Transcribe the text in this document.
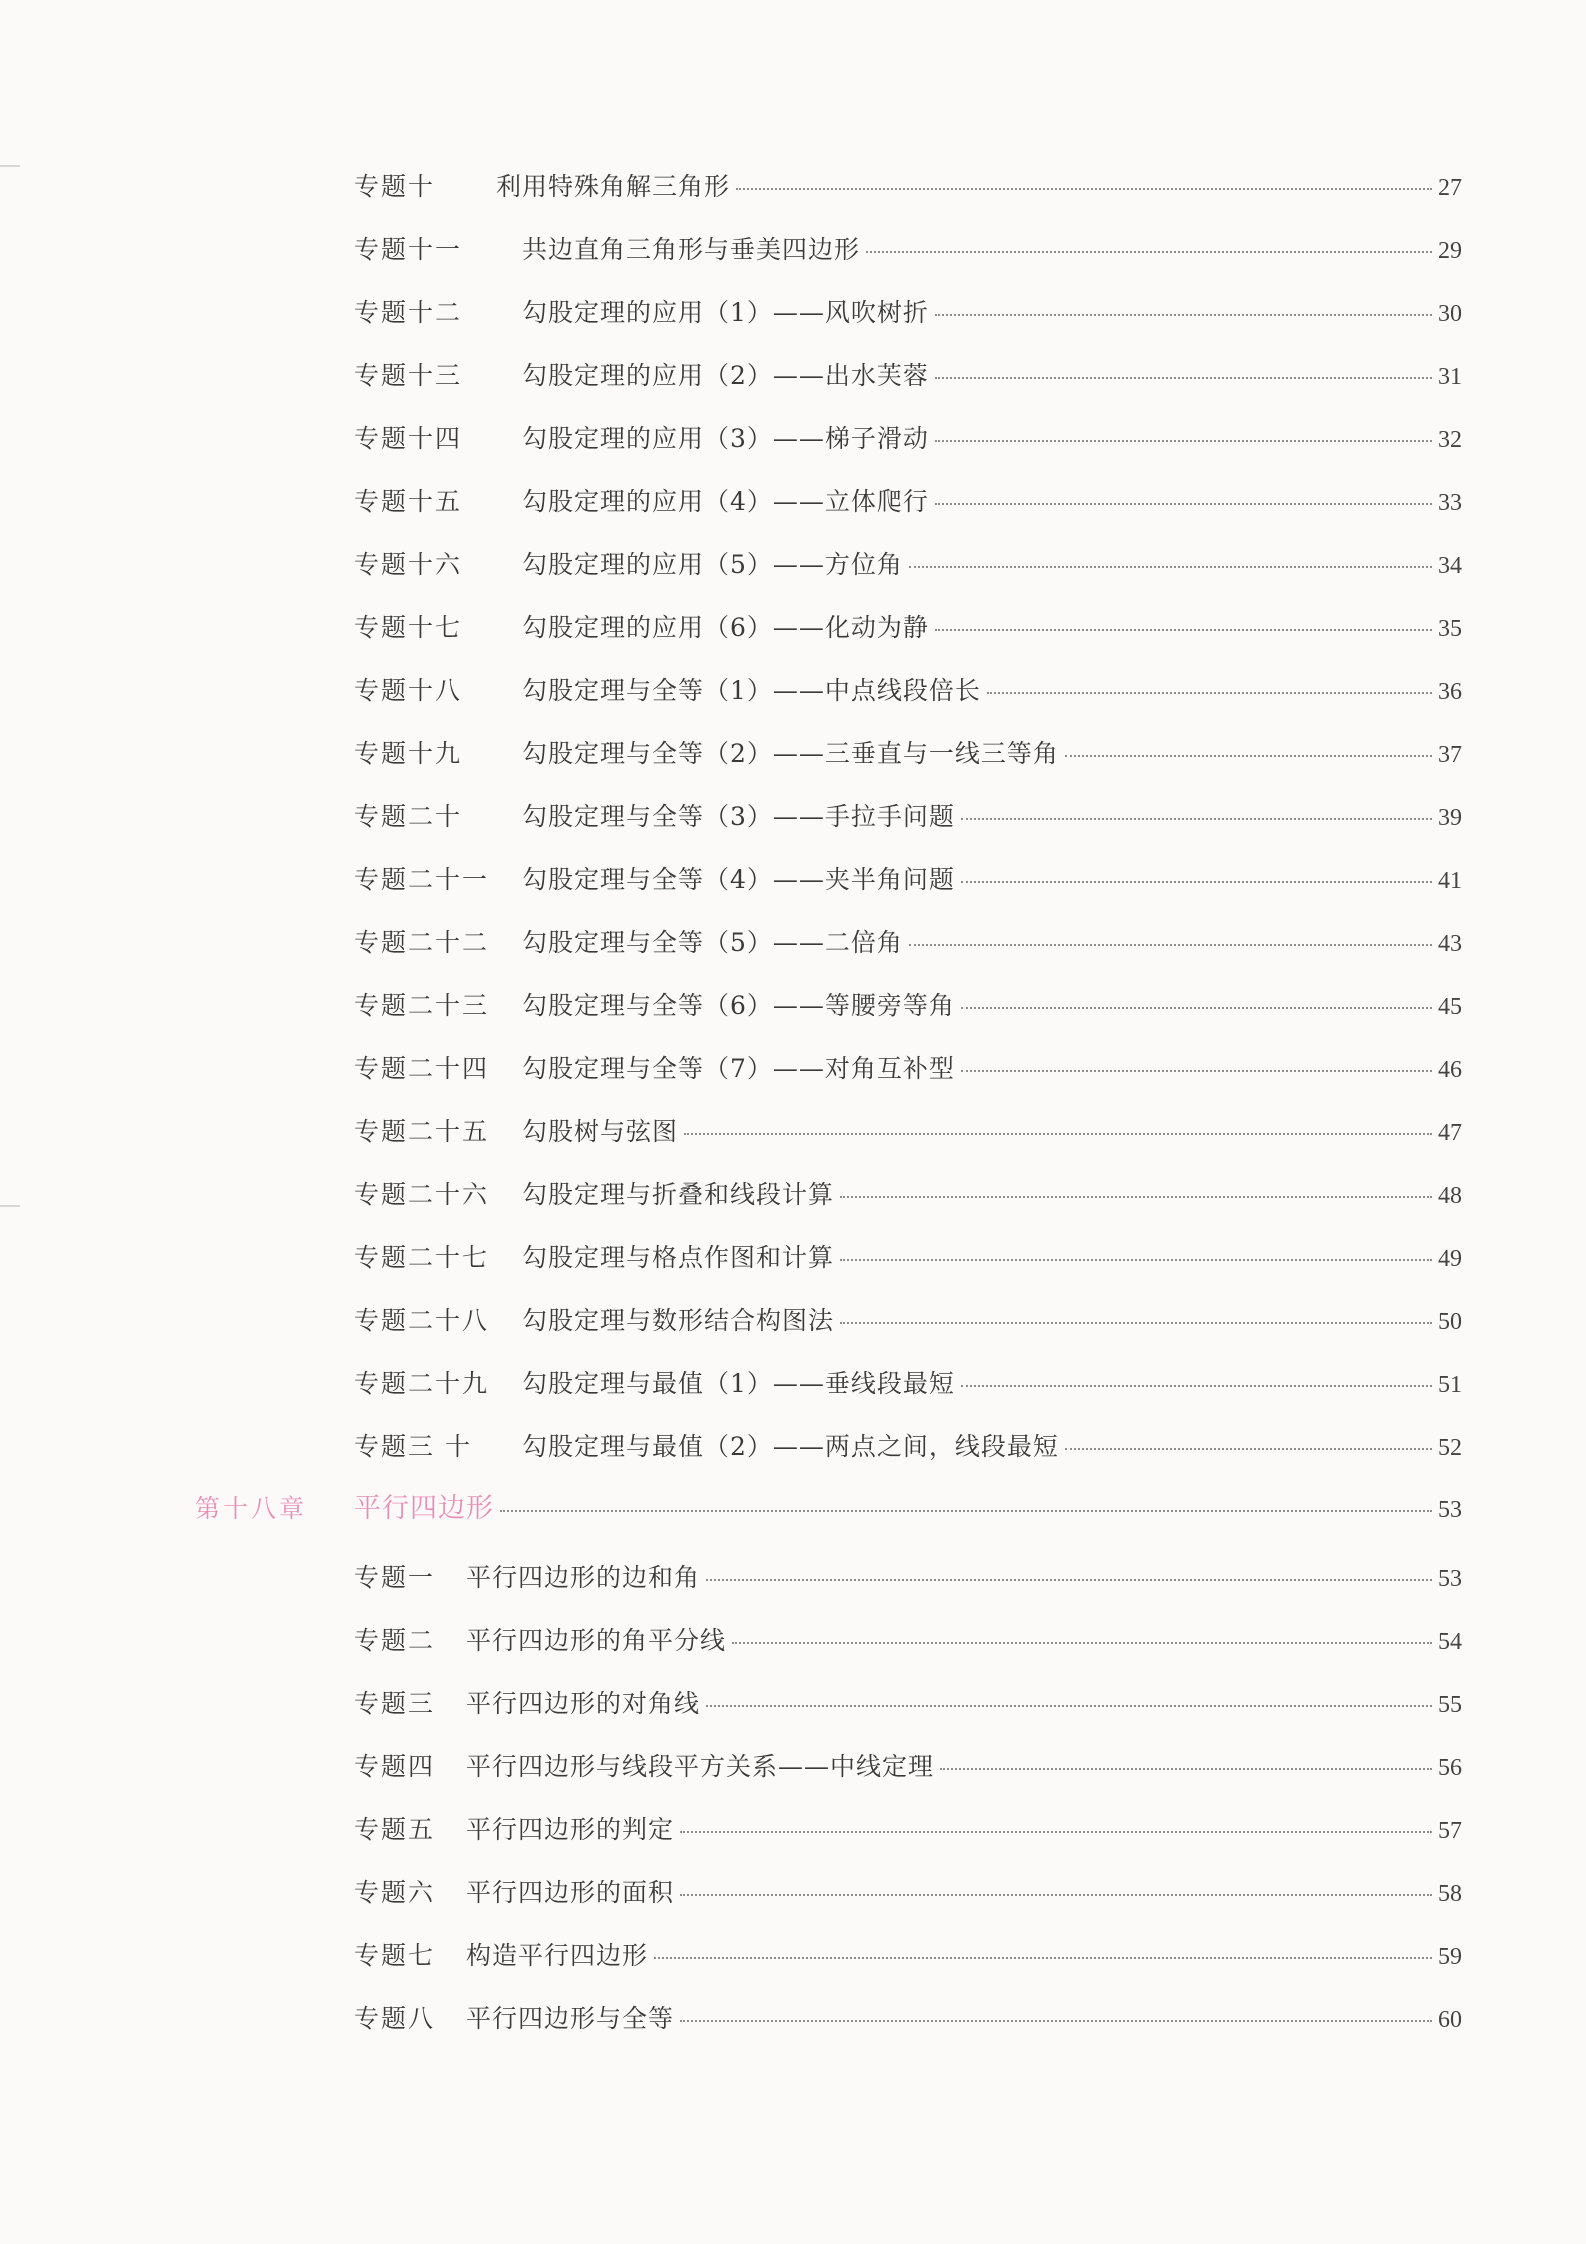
专题十	利用特殊角解三角形	27
专题十一	共边直角三角形与垂美四边形	29
专题十二	勾股定理的应用（1）——风吹树折	30
专题十三	勾股定理的应用（2）——出水芙蓉	31
专题十四	勾股定理的应用（3）——梯子滑动	32
专题十五	勾股定理的应用（4）——立体爬行	33
专题十六	勾股定理的应用（5）——方位角	34
专题十七	勾股定理的应用（6）——化动为静	35
专题十八	勾股定理与全等（1）——中点线段倍长	36
专题十九	勾股定理与全等（2）——三垂直与一线三等角	37
专题二十	勾股定理与全等（3）——手拉手问题	39
专题二十一	勾股定理与全等（4）——夹半角问题	41
专题二十二	勾股定理与全等（5）——二倍角	43
专题二十三	勾股定理与全等（6）——等腰旁等角	45
专题二十四	勾股定理与全等（7）——对角互补型	46
专题二十五	勾股树与弦图	47
专题二十六	勾股定理与折叠和线段计算	48
专题二十七	勾股定理与格点作图和计算	49
专题二十八	勾股定理与数形结合构图法	50
专题二十九	勾股定理与最值（1）——垂线段最短	51
专题三 十	勾股定理与最值（2）——两点之间，线段最短	52
第十八章	平行四边形	53
专题一	平行四边形的边和角	53
专题二	平行四边形的角平分线	54
专题三	平行四边形的对角线	55
专题四	平行四边形与线段平方关系——中线定理	56
专题五	平行四边形的判定	57
专题六	平行四边形的面积	58
专题七	构造平行四边形	59
专题八	平行四边形与全等	60
